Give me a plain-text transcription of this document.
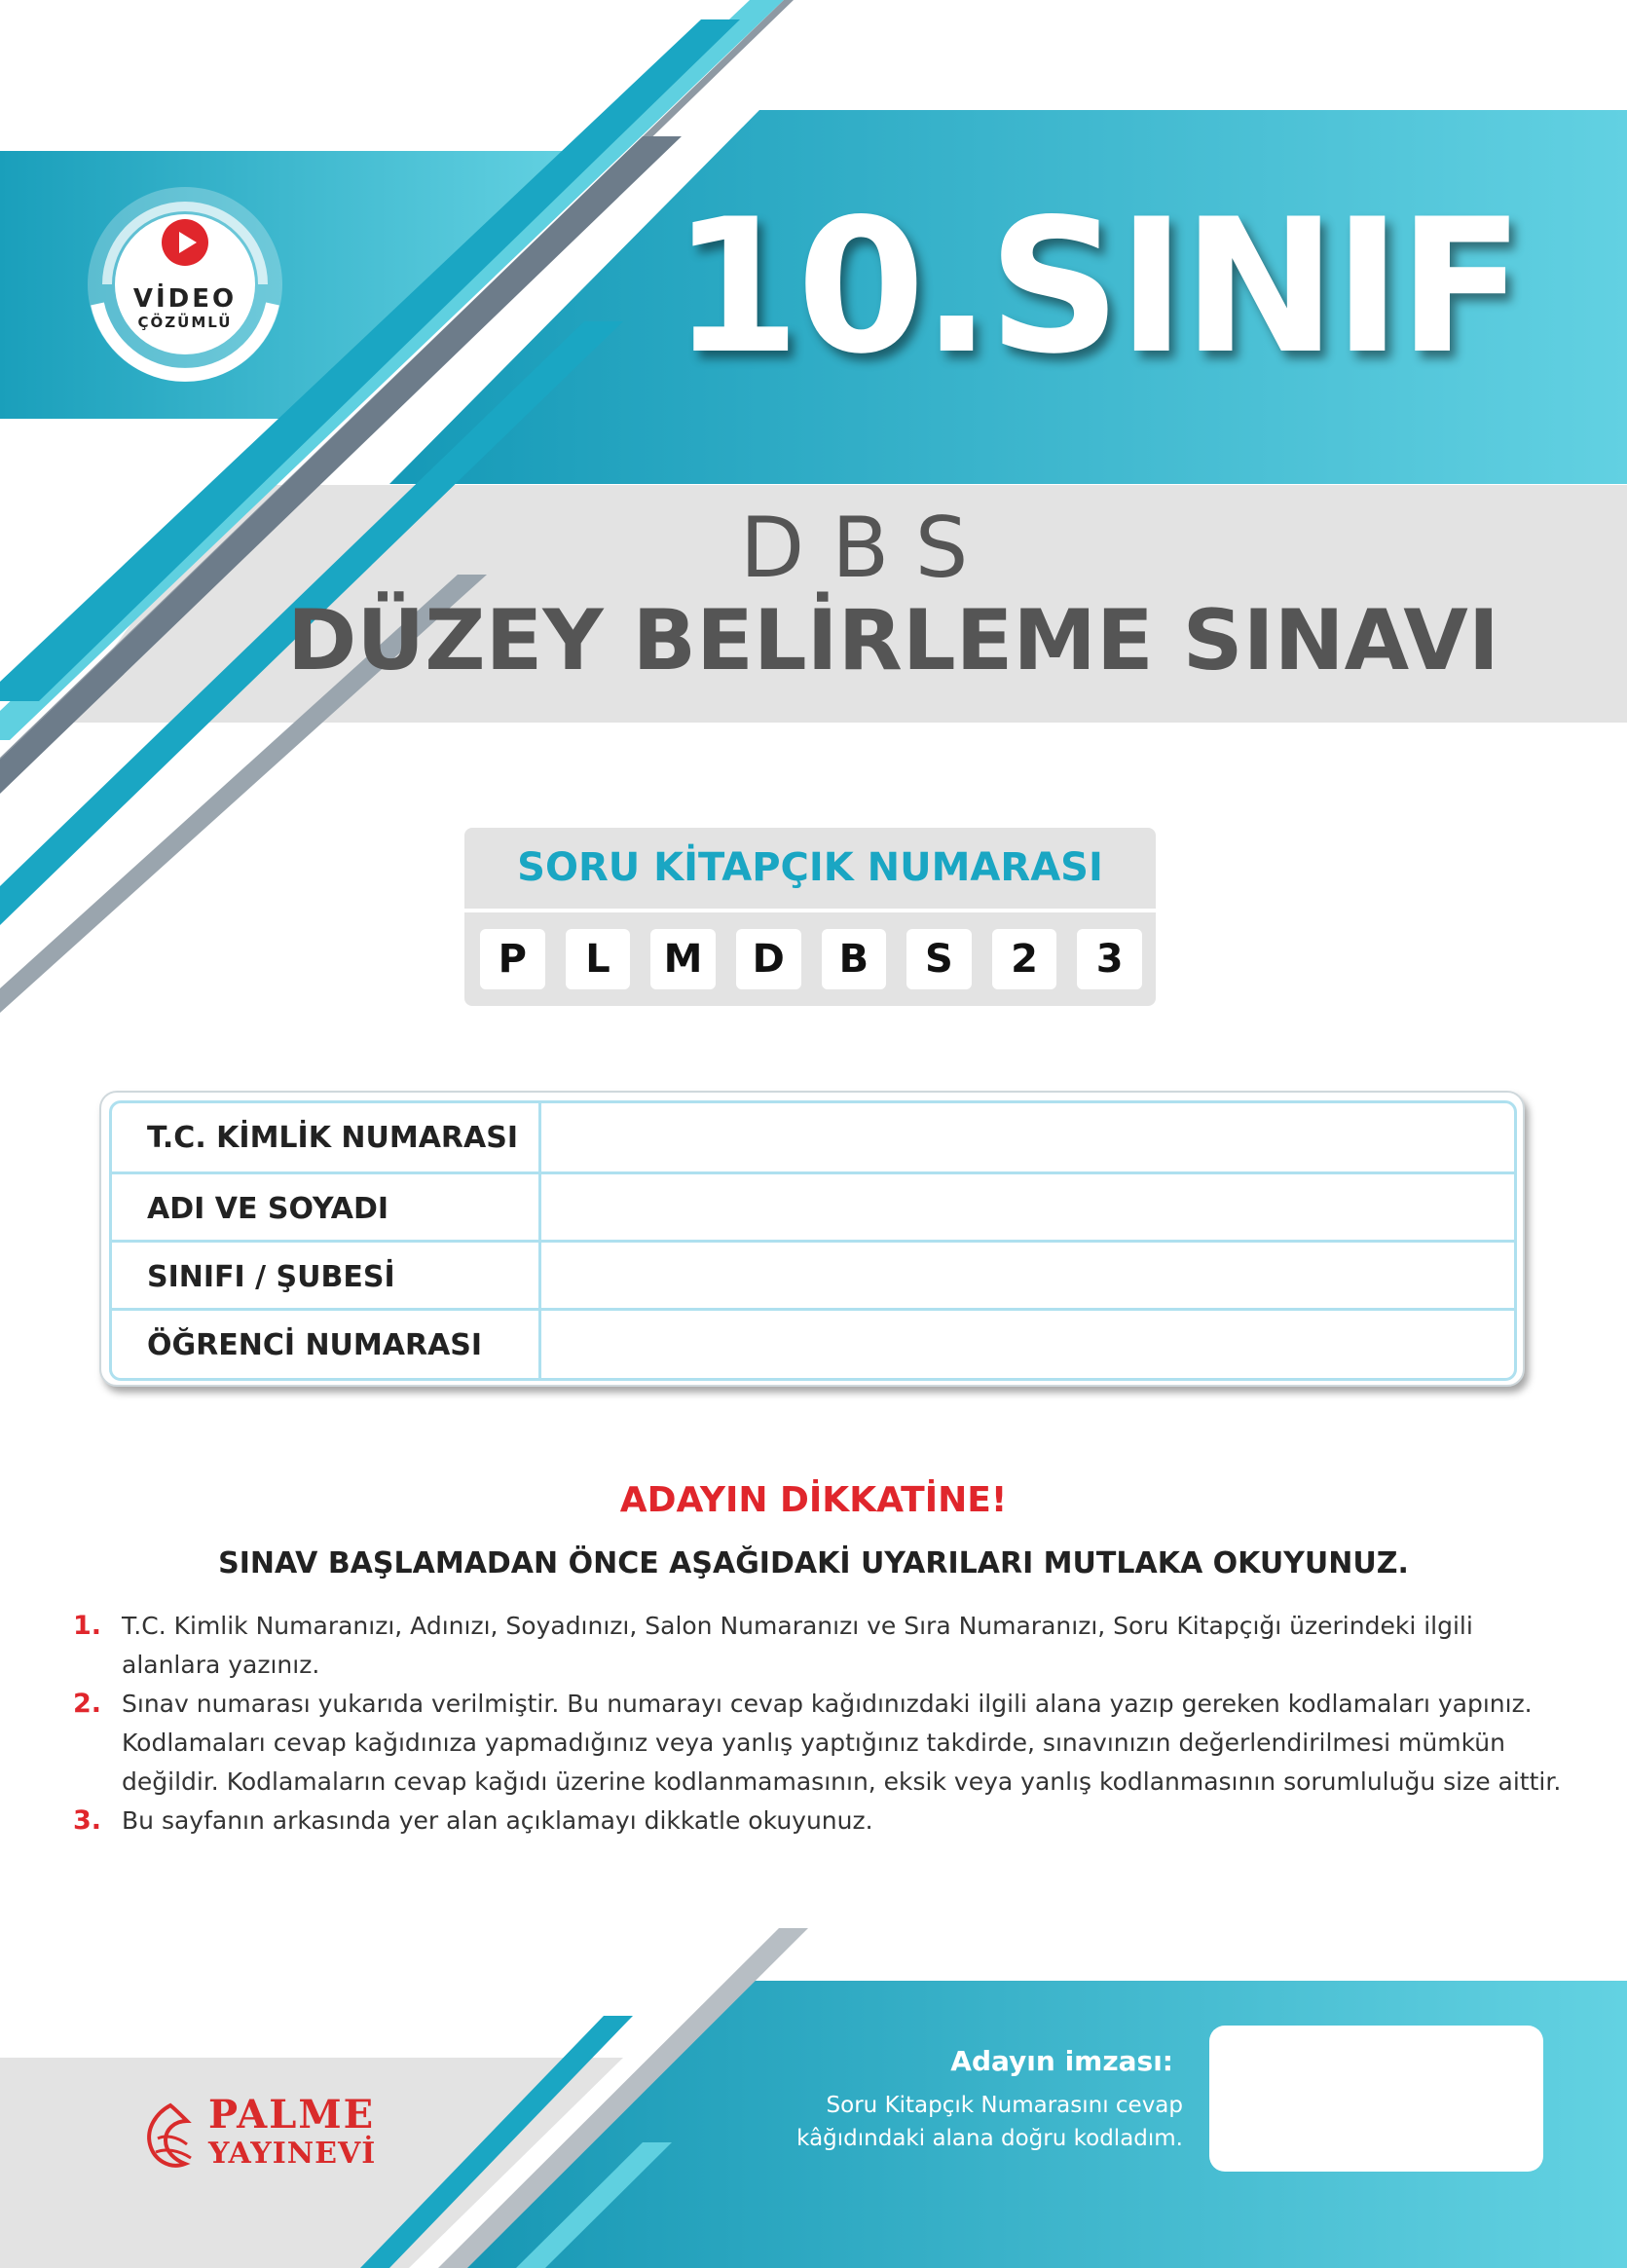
VİDEO
ÇÖZÜMLÜ	10.SINIF
DBS
DÜZEY BELİRLEME SINAVI
SORU KİTAPÇIK NUMARASI
P	L	M	D	B	S	2	3
T.C. KİMLİK NUMARASI
ADI VE SOYADI
SINIFI / ŞUBESİ
ÖĞRENCİ NUMARASI
ADAYIN DİKKATİNE!
SINAV BAŞLAMADAN ÖNCE AŞAĞIDAKİ UYARILARI MUTLAKA OKUYUNUZ.
1. T.C. Kimlik Numaranızı, Adınızı, Soyadınızı, Salon Numaranızı ve Sıra Numaranızı, Soru Kitapçığı üzerindeki ilgili alanlara yazınız.
2. Sınav numarası yukarıda verilmiştir. Bu numarayı cevap kağıdınızdaki ilgili alana yazıp gereken kodlamaları yapınız. Kodlamaları cevap kağıdınıza yapmadığınız veya yanlış yaptığınız takdirde, sınavınızın değerlendirilmesi mümkün değildir. Kodlamaların cevap kağıdı üzerine kodlanmamasının, eksik veya yanlış kodlanmasının sorumluluğu size aittir.
3. Bu sayfanın arkasında yer alan açıklamayı dikkatle okuyunuz.
PALME
YAYINEVİ
Adayın imzası:
Soru Kitapçık Numarasını cevap kâğıdındaki alana doğru kodladım.
